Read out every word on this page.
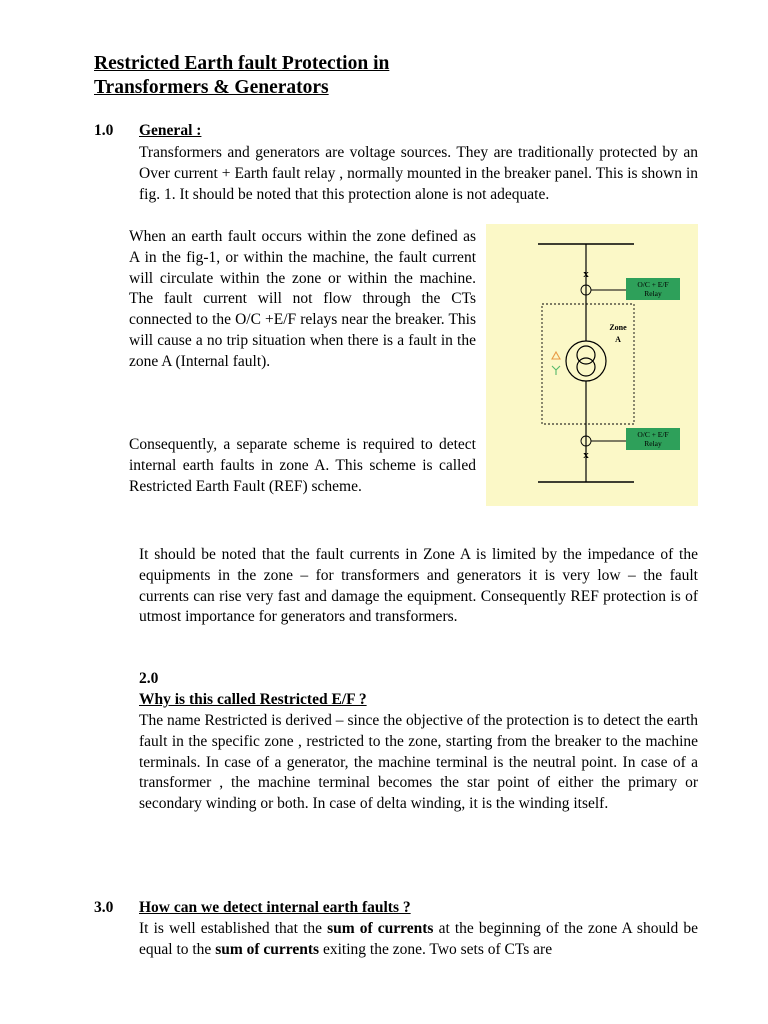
Restricted Earth fault Protection in
Transformers & Generators
1.0 General :

Transformers and generators are voltage sources. They are traditionally protected by an Over current + Earth fault relay , normally mounted in the breaker panel. This is shown in fig. 1. It should be noted that this protection alone is not adequate.

When an earth fault occurs within the zone defined as A in the fig-1, or within the machine, the fault current will circulate within the zone or within the machine. The fault current will not flow through the CTs connected to the O/C +E/F relays near the breaker. This will cause a no trip situation when there is a fault in the zone A (Internal fault).

Consequently, a separate scheme is required to detect internal earth faults in zone A. This scheme is called Restricted Earth Fault (REF) scheme.

x
x
O/C + E/F
Relay
O/C + E/F
Relay
Zone
A

It should be noted that the fault currents in Zone A is limited by the impedance of the equipments in the zone – for transformers and generators it is very low – the fault currents can rise very fast and damage the equipment. Consequently REF protection is of utmost importance for generators and transformers.

2.0
Why is this called Restricted E/F ?

The name Restricted is derived – since the objective of the protection is to detect the earth fault in the specific zone , restricted to the zone, starting from the breaker to the machine terminals. In case of a generator, the machine terminal is the neutral point. In case of a transformer , the machine terminal becomes the star point of either the primary or secondary winding or both. In case of delta winding, it is the winding itself.

3.0 How can we detect internal earth faults ?

It is well established that the sum of currents at the beginning of the zone A should be equal to the sum of currents exiting the zone. Two sets of CTs are
